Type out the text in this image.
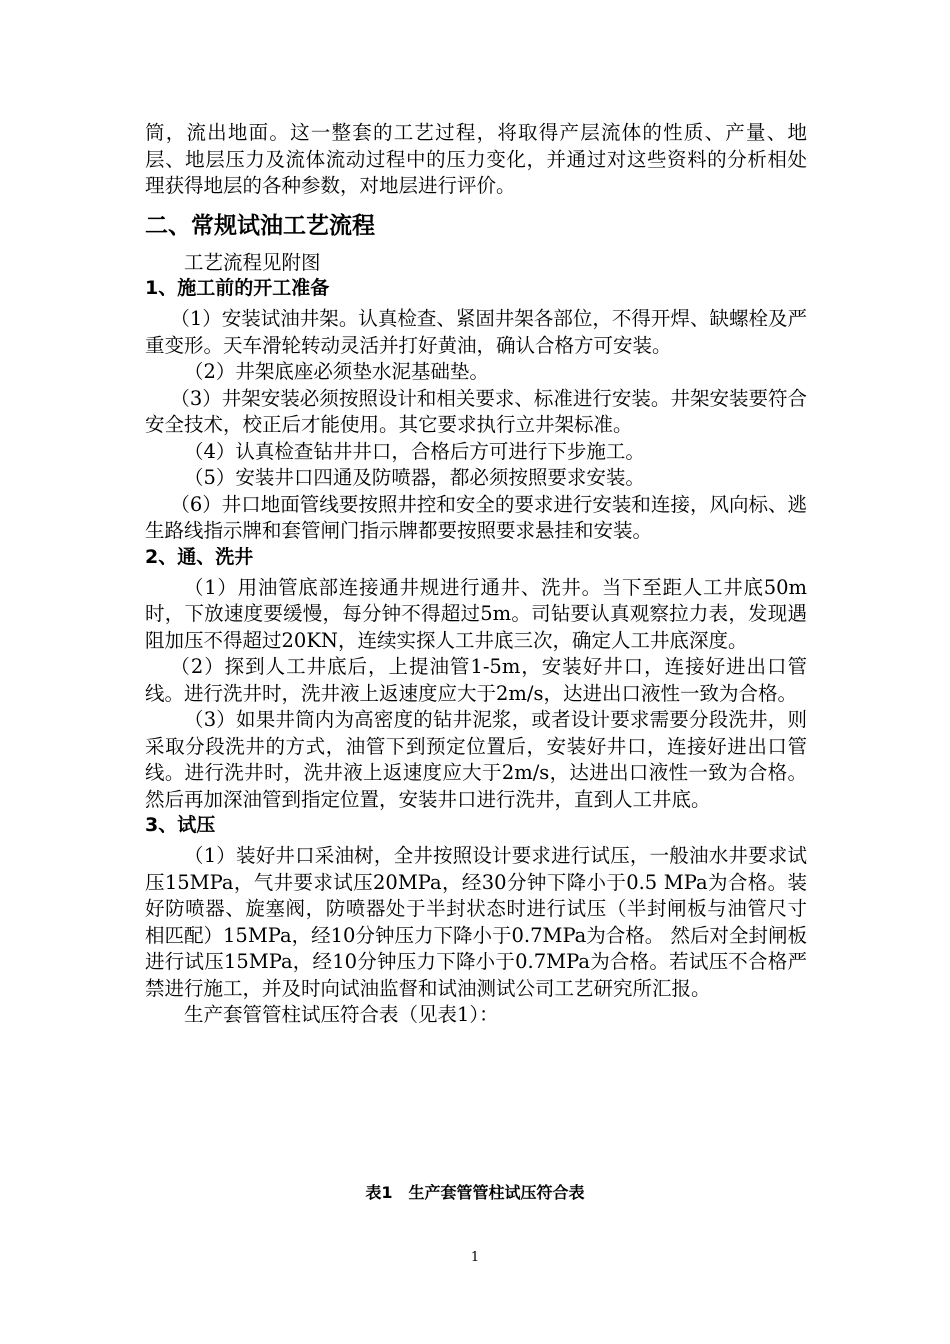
筒，流出地面。这一整套的工艺过程，将取得产层流体的性质、产量、地层、地层压力及流体流动过程中的压力变化，并通过对这些资料的分析相处理获得地层的各种参数，对地层进行评价。

二、常规试油工艺流程

工艺流程见附图

1、施工前的开工准备

（1）安装试油井架。认真检查、紧固井架各部位，不得开焊、缺螺栓及严重变形。天车滑轮转动灵活并打好黄油，确认合格方可安装。

（2）井架底座必须垫水泥基础垫。

（3）井架安装必须按照设计和相关要求、标准进行安装。井架安装要符合安全技术，校正后才能使用。其它要求执行立井架标准。

（4）认真检查钻井井口，合格后方可进行下步施工。

（5）安装井口四通及防喷器，都必须按照要求安装。

（6）井口地面管线要按照井控和安全的要求进行安装和连接，风向标、逃生路线指示牌和套管闸门指示牌都要按照要求悬挂和安装。

2、通、洗井

（1）用油管底部连接通井规进行通井、洗井。当下至距人工井底50m时，下放速度要缓慢，每分钟不得超过5m。司钻要认真观察拉力表，发现遇阻加压不得超过20KN，连续实探人工井底三次，确定人工井底深度。

（2）探到人工井底后，上提油管1-5m，安装好井口，连接好进出口管线。进行洗井时，洗井液上返速度应大于2m/s，达进出口液性一致为合格。

（3）如果井筒内为高密度的钻井泥浆，或者设计要求需要分段洗井，则采取分段洗井的方式，油管下到预定位置后，安装好井口，连接好进出口管线。进行洗井时，洗井液上返速度应大于2m/s，达进出口液性一致为合格。然后再加深油管到指定位置，安装井口进行洗井，直到人工井底。

3、试压

（1）装好井口采油树，全井按照设计要求进行试压，一般油水井要求试压15MPa，气井要求试压20MPa，经30分钟下降小于0.5 MPa为合格。装好防喷器、旋塞阀，防喷器处于半封状态时进行试压（半封闸板与油管尺寸相匹配）15MPa，经10分钟压力下降小于0.7MPa为合格。 然后对全封闸板进行试压15MPa，经10分钟压力下降小于0.7MPa为合格。若试压不合格严禁进行施工，并及时向试油监督和试油测试公司工艺研究所汇报。

生产套管管柱试压符合表（见表1）：

表1　生产套管管柱试压符合表
1
